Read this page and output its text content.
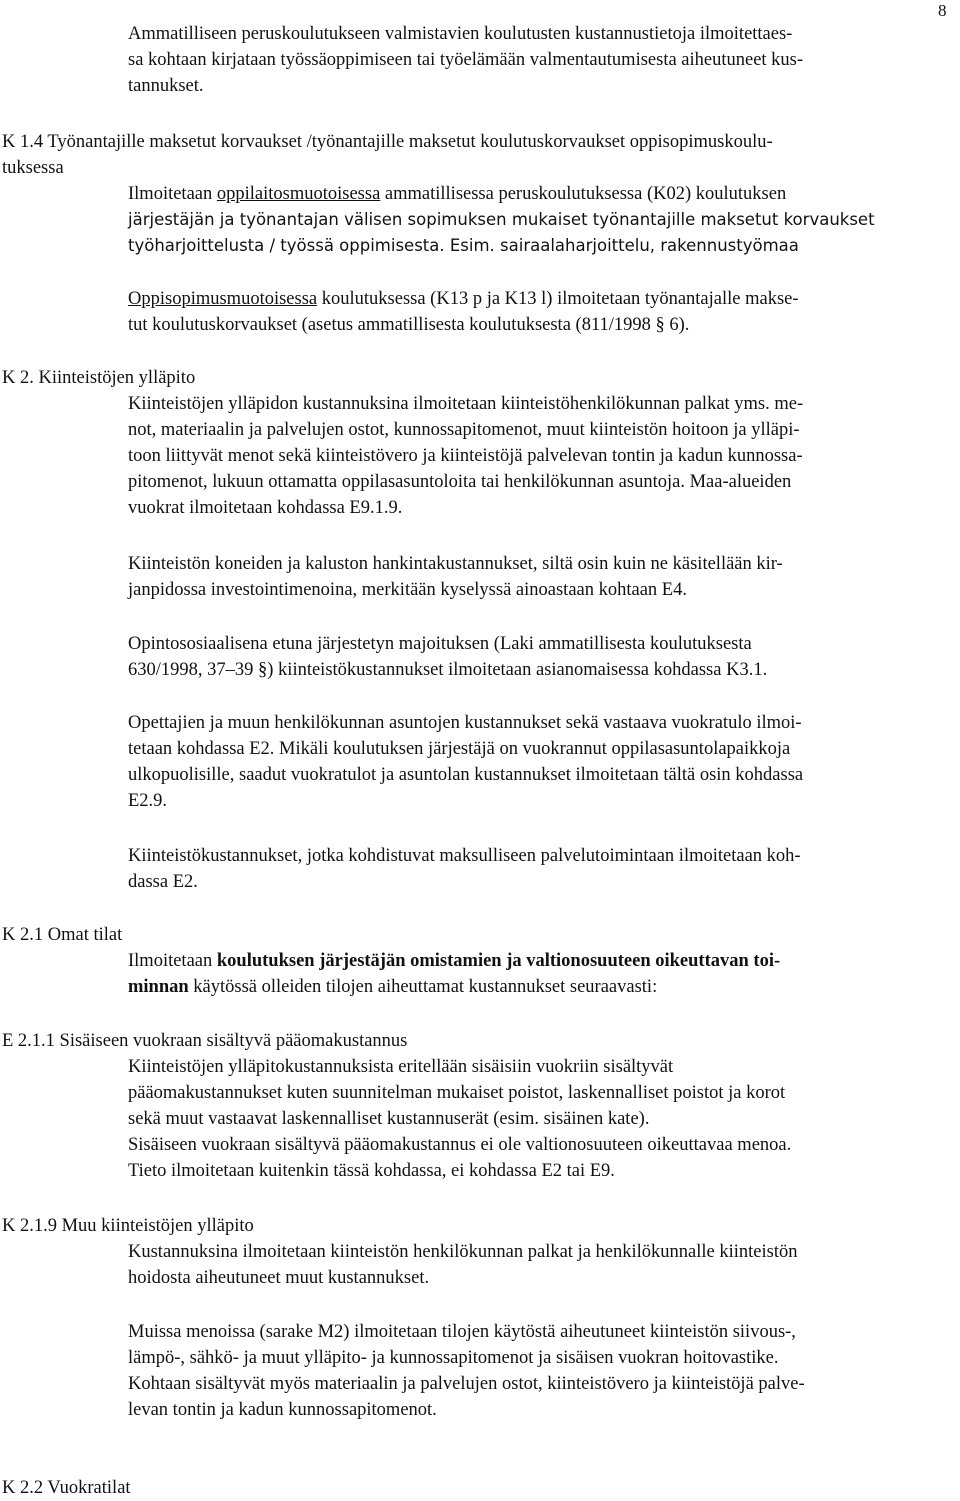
8

Ammatilliseen peruskoulutukseen valmistavien koulutusten kustannustietoja ilmoitettaes-

sa kohtaan kirjataan työssäoppimiseen tai työelämään valmentautumisesta aiheutuneet kus-

tannukset.

K 1.4 Työnantajille maksetut korvaukset /työnantajille maksetut koulutuskorvaukset oppisopimuskoulu-

tuksessa

Ilmoitetaan oppilaitosmuotoisessa ammatillisessa peruskoulutuksessa (K02) koulutuksen

järjestäjän ja työnantajan välisen sopimuksen mukaiset työnantajille maksetut korvaukset

työharjoittelusta / työssä oppimisesta. Esim. sairaalaharjoittelu, rakennustyömaa

Oppisopimusmuotoisessa koulutuksessa (K13 p ja K13 l) ilmoitetaan työnantajalle makse-

tut koulutuskorvaukset (asetus ammatillisesta koulutuksesta (811/1998 § 6).

K 2. Kiinteistöjen ylläpito

Kiinteistöjen ylläpidon kustannuksina ilmoitetaan kiinteistöhenkilökunnan palkat yms. me-

not, materiaalin ja palvelujen ostot, kunnossapitomenot, muut kiinteistön hoitoon ja ylläpi-

toon liittyvät menot sekä kiinteistövero ja kiinteistöjä palvelevan tontin ja kadun kunnossa-

pitomenot, lukuun ottamatta oppilasasuntoloita tai henkilökunnan asuntoja. Maa-alueiden

vuokrat ilmoitetaan kohdassa E9.1.9.

Kiinteistön koneiden ja kaluston hankintakustannukset, siltä osin kuin ne käsitellään kir-

janpidossa investointimenoina, merkitään kyselyssä ainoastaan kohtaan E4.

Opintososiaalisena etuna järjestetyn majoituksen (Laki ammatillisesta koulutuksesta

630/1998, 37–39 §) kiinteistökustannukset ilmoitetaan asianomaisessa kohdassa K3.1.

Opettajien ja muun henkilökunnan asuntojen kustannukset sekä vastaava vuokratulo ilmoi-

tetaan kohdassa E2. Mikäli koulutuksen järjestäjä on vuokrannut oppilasasuntolapaikkoja

ulkopuolisille, saadut vuokratulot ja asuntolan kustannukset ilmoitetaan tältä osin kohdassa

E2.9.

Kiinteistökustannukset, jotka kohdistuvat maksulliseen palvelutoimintaan ilmoitetaan koh-

dassa E2.

K 2.1 Omat tilat

Ilmoitetaan koulutuksen järjestäjän omistamien ja valtionosuuteen oikeuttavan toi-

minnan käytössä olleiden tilojen aiheuttamat kustannukset seuraavasti:

E 2.1.1 Sisäiseen vuokraan sisältyvä pääomakustannus

Kiinteistöjen ylläpitokustannuksista eritellään sisäisiin vuokriin sisältyvät

pääomakustannukset kuten suunnitelman mukaiset poistot, laskennalliset poistot ja korot

sekä muut vastaavat laskennalliset kustannuserät (esim. sisäinen kate).

Sisäiseen vuokraan sisältyvä pääomakustannus ei ole valtionosuuteen oikeuttavaa menoa.

Tieto ilmoitetaan kuitenkin tässä kohdassa, ei kohdassa E2 tai E9.

K 2.1.9 Muu kiinteistöjen ylläpito

Kustannuksina ilmoitetaan kiinteistön henkilökunnan palkat ja henkilökunnalle kiinteistön

hoidosta aiheutuneet muut kustannukset.

Muissa menoissa (sarake M2) ilmoitetaan tilojen käytöstä aiheutuneet kiinteistön siivous-,

lämpö-, sähkö- ja muut ylläpito- ja kunnossapitomenot ja sisäisen vuokran hoitovastike.

Kohtaan sisältyvät myös materiaalin ja palvelujen ostot, kiinteistövero ja kiinteistöjä palve-

levan tontin ja kadun kunnossapitomenot.

K 2.2 Vuokratilat
